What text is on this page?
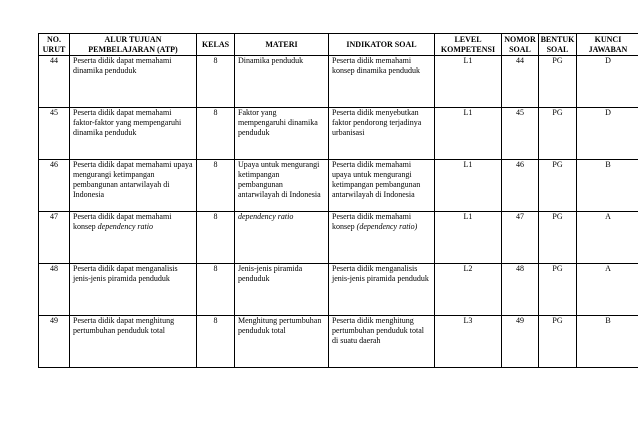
NO. URUT	ALUR TUJUAN PEMBELAJARAN (ATP)	KELAS	MATERI	INDIKATOR SOAL	LEVEL KOMPETENSI	NOMOR SOAL	BENTUK SOAL	KUNCI JAWABAN
44	Peserta didik dapat memahami dinamika penduduk	8	Dinamika penduduk	Peserta didik memahami konsep dinamika penduduk	L1	44	PG	D
45	Peserta didik dapat memahami faktor-faktor yang mempengaruhi dinamika penduduk	8	Faktor yang mempengaruhi dinamika penduduk	Peserta didik menyebutkan faktor pendorong terjadinya urbanisasi	L1	45	PG	D
46	Peserta didik dapat memahami upaya mengurangi ketimpangan pembangunan antarwilayah di Indonesia	8	Upaya untuk mengurangi ketimpangan pembangunan antarwilayah di Indonesia	Peserta didik memahami upaya untuk mengurangi ketimpangan pembangunan antarwilayah di Indonesia	L1	46	PG	B
47	Peserta didik dapat memahami konsep dependency ratio	8	dependency ratio	Peserta didik memahami konsep (dependency ratio)	L1	47	PG	A
48	Peserta didik dapat menganalisis jenis-jenis piramida penduduk	8	Jenis-jenis piramida penduduk	Peserta didik menganalisis jenis-jenis piramida penduduk	L2	48	PG	A
49	Peserta didik dapat menghitung pertumbuhan penduduk total	8	Menghitung pertumbuhan penduduk total	Peserta didik menghitung pertumbuhan penduduk total di suatu daerah	L3	49	PG	B
